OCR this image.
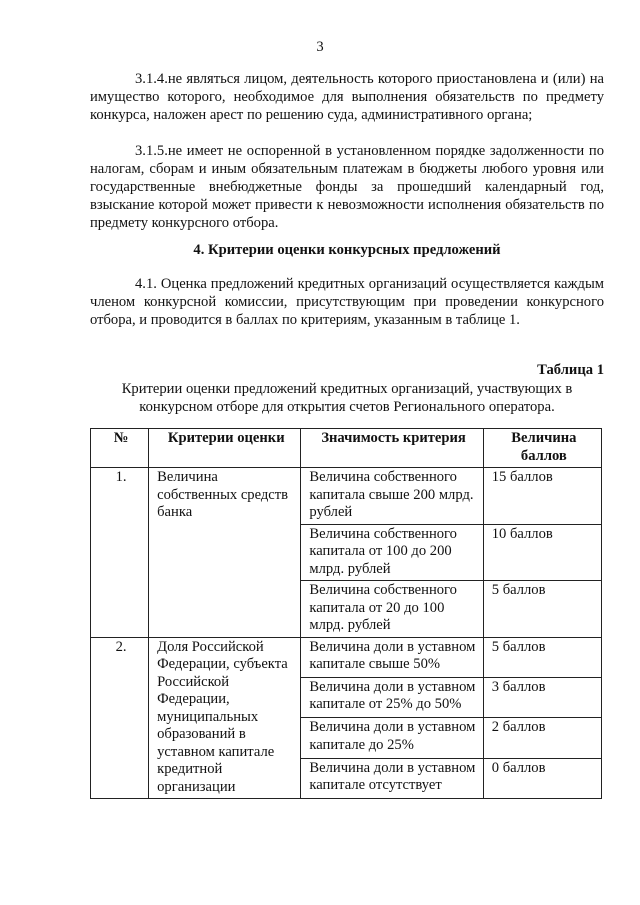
3
3.1.4.не являться лицом, деятельность которого приостановлена и (или) на имущество которого, необходимое для выполнения обязательств по предмету конкурса, наложен арест по решению суда, административного органа;
3.1.5.не имеет не оспоренной в установленном порядке задолженности по налогам, сборам и иным обязательным платежам в бюджеты любого уровня или государственные внебюджетные фонды за прошедший календарный год, взыскание которой может привести к невозможности исполнения обязательств по предмету конкурсного отбора.
4. Критерии оценки конкурсных предложений
4.1. Оценка предложений кредитных организаций осуществляется каждым членом конкурсной комиссии, присутствующим при проведении конкурсного отбора, и проводится в баллах по критериям, указанным в таблице 1.
Таблица 1
Критерии оценки предложений кредитных организаций, участвующих в конкурсном отборе для открытия счетов Регионального оператора.
№	Критерии оценки	Значимость критерия	Величина баллов
1.	Величина собственных средств банка	Величина собственного капитала свыше 200 млрд. рублей	15 баллов
		Величина собственного капитала от 100 до 200 млрд. рублей	10 баллов
		Величина собственного капитала от 20 до 100 млрд. рублей	5 баллов
2.	Доля Российской Федерации, субъекта Российской Федерации, муниципальных образований в уставном капитале кредитной организации	Величина доли в уставном капитале свыше 50%	5 баллов
		Величина доли в уставном капитале от 25% до 50%	3 баллов
		Величина доли в уставном капитале до 25%	2 баллов
		Величина доли в уставном капитале отсутствует	0 баллов
